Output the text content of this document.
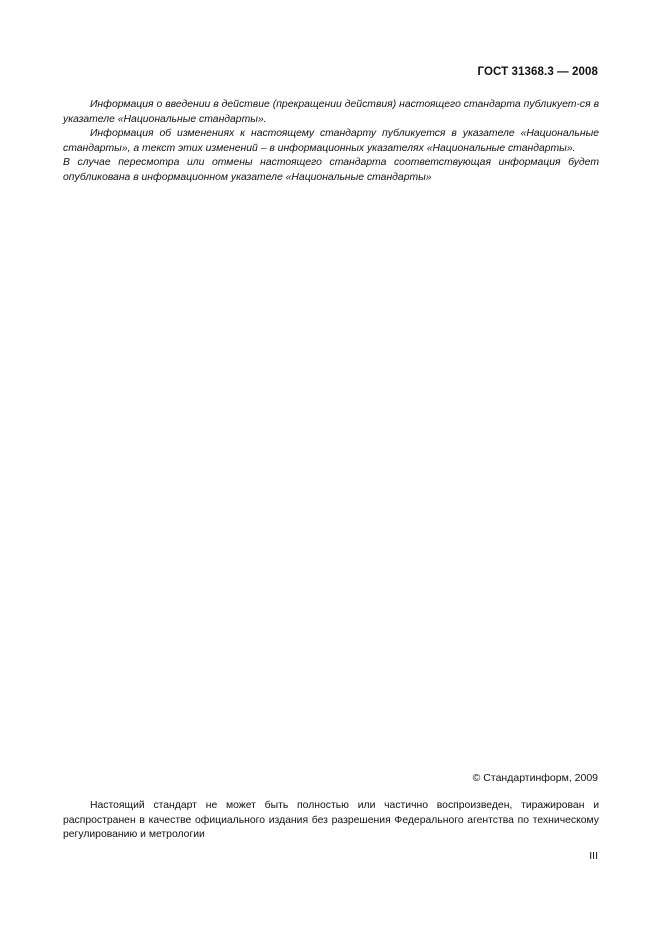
ГОСТ 31368.3 — 2008

Информация о введении в действие (прекращении действия) настоящего стандарта публикует-ся в указателе «Национальные стандарты».

Информация об изменениях к настоящему стандарту публикуется в указателе «Национальные стандарты», а текст этих изменений – в информационных указателях «Национальные стандарты».

В случае пересмотра или отмены настоящего стандарта соответствующая информация будет опубликована в информационном указателе «Национальные стандарты»

© Стандартинформ, 2009

Настоящий стандарт не может быть полностью или частично воспроизведен, тиражирован и распространен в качестве официального издания без разрешения Федерального агентства по техническому регулированию и метрологии

III
